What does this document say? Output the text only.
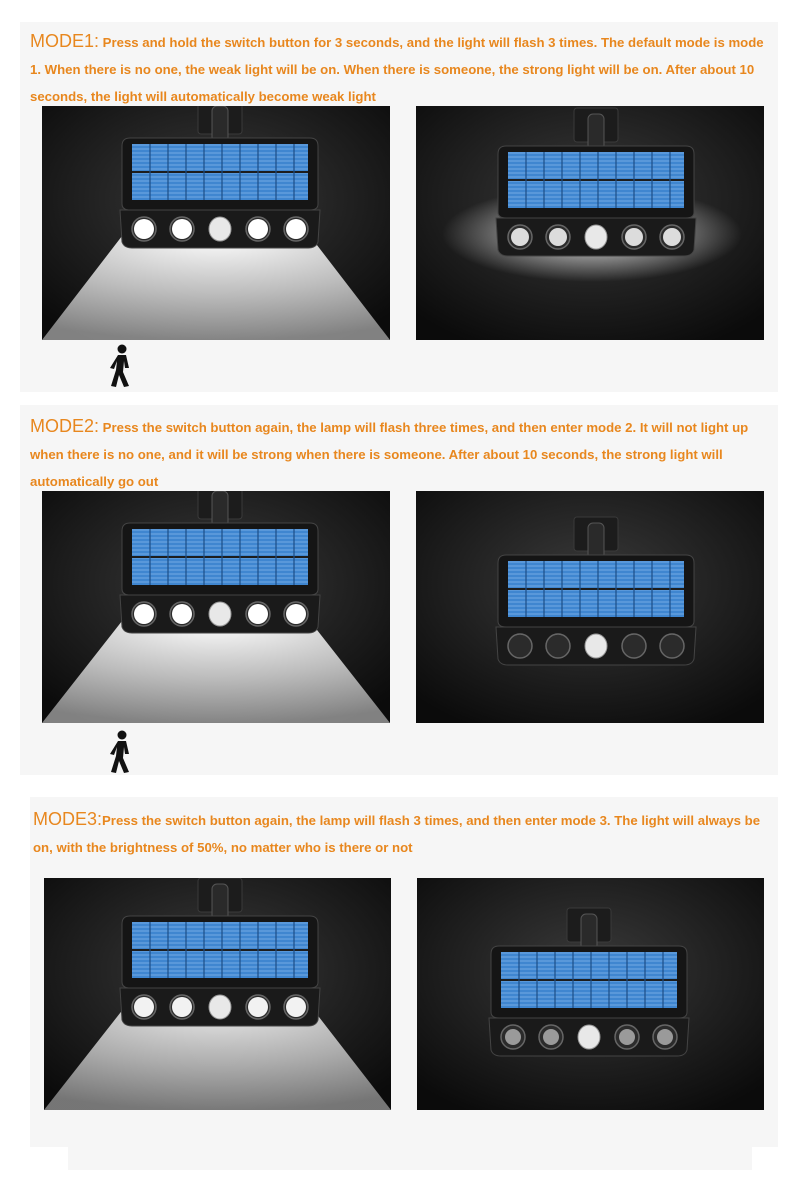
MODE1: Press and hold the switch button for 3 seconds, and the light will flash 3 times. The default mode is mode 1. When there is no one, the weak light will be on. When there is someone, the strong light will be on. After about 10 seconds, the light will automatically become weak light

MODE2: Press the switch button again, the lamp will flash three times, and then enter mode 2. It will not light up when there is no one, and it will be strong when there is someone. After about 10 seconds, the strong light will automatically go out

MODE3:Press the switch button again, the lamp will flash 3 times, and then enter mode 3. The light will always be on, with the brightness of 50%, no matter who is there or not
